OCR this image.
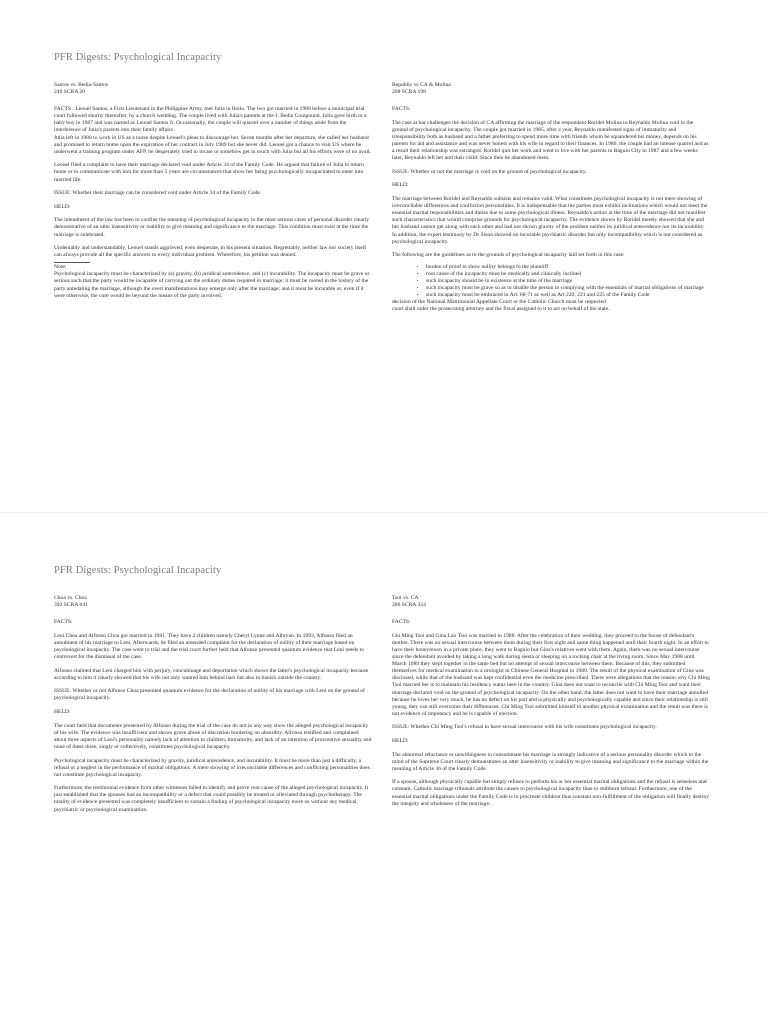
PFR Digests: Psychological Incapacity

Santos vs. Bedia-Santos
240 SCRA 20

FACTS : Leouel Santos, a First Lieutenant in the Philippine Army, met Julia in Iloilo. The two got married in 1986 before a municipal trial court followed shortly thereafter, by a church wedding. The couple lived with Julia's parents at the J. Bedia Compound. Julia gave birth to a baby boy in 1987 and was named as Leouel Santos Jr. Occasionally, the couple will quarrel over a number of things aside from the interference of Julia's parents into their family affairs .
Julia left in 1988 to work in US as a nurse despite Leouel's pleas to discourage her. Seven months after her departure, she called her husband and promised to return home upon the expiration of her contract in July 1989 but she never did. Leouel got a chance to visit US where he underwent a training program under AFP, he desperately tried to locate or somehow get in touch with Julia but all his efforts were of no avail.

Leouel filed a complaint to have their marriage declared void under Article 34 of the Family Code. He argued that failure of Julia to return home or to communicate with him for more than 5 years are circumstances that show her being psychologically incapacitated to enter into married life.

ISSUE: Whether their marriage can be considered void under Article 34 of the Family Code.

HELD:

The intendment of the law has been to confine the meaning of psychological incapacity to the most serious cases of personal disorder clearly demonstrative of an utter insensitivity or inability to give meaning and significance to the marriage. This condition must exist at the time the marriage is celebrated.

Undeniably and understandably, Leouel stands aggrieved, even desperate, in his present situation. Regrettably, neither law nor society itself can always provide all the specific answers to every individual problem. Wherefore, his petition was denied.

Note:

Psychological incapacity must be characterized by (a) gravity, (b) juridical antecedence, and (c) incurability. The incapacity must be grave or serious such that the party would be incapable of carrying out the ordinary duties required in marriage; it must be rooted in the history of the party antedating the marriage, although the overt manifestations may emerge only after the marriage; and it must be incurable or, even if it were otherwise, the cure would be beyond the means of the party involved.

Republic vs CA & Molina
268 SCRA 198

FACTS:

The case at bar challenges the decision of CA affirming the marriage of the respondent Roridel Molina to Reynaldo Molina void in the ground of psychological incapacity. The couple got married in 1985, after a year, Reynaldo manifested signs of immaturity and irresponsibility both as husband and a father preferring to spend more time with friends whom he squandered his money, depends on his parents for aid and assistance and was never honest with his wife in regard to their finances. In 1986, the couple had an intense quarrel and as a result their relationship was estranged. Roridel quit her work and went to live with her parents in Baguio City in 1987 and a few weeks later, Reynaldo left her and their child. Since then he abandoned them.

ISSUE: Whether or not the marriage is void on the ground of psychological incapacity.

HELD:

The marriage between Roridel and Reynaldo subsists and remains valid. What constitutes psychological incapacity is not mere showing of irreconcilable differences and confliction personalities. It is indispensable that the parties must exhibit inclinations which would not meet the essential marital responsibilities and duties due to some psychological illness. Reynaldo's action at the time of the marriage did not manifest such characteristics that would comprise grounds for psychological incapacity. The evidence shown by Roridel merely showed that she and her husband cannot get along with each other and had not shown gravity of the problem neither its juridical antecedence nor its incurability. In addition, the expert testimony by Dr Sison showed no incurable psychiatric disorder but only incompatibility which is not considered as psychological incapacity.

The following are the guidelines as to the grounds of psychological incapacity laid set forth in this case:

• burden of proof to show nullity belongs to the plaintiff
• root cause of the incapacity must be medically and clinically inclined
• such incapacity should be in existence at the time of the marriage
• such incapacity must be grave so as to disable the person in complying with the essentials of marital obligations of marriage
• such incapacity must be embraced in Art. 68-71 as well as Art 220, 221 and 225 of the Family Code

decision of the National Matrimonial Appellate Court or the Catholic Church must be respected
court shall order the prosecuting attorney and the fiscal assigned to it to act on behalf of the state.

PFR Digests: Psychological Incapacity

Choa vs. Choa
392 SCRA 641

FACTS:

Leni Choa and Alfonso Choa got married in 1981. They have 2 children namely Cheryl Lynne and Albryan. In 1993, Alfonso filed an annulment of his marriage to Leni. Afterwards, he filed an amended complaint for the declaration of nullity of their marriage based on psychological incapacity. The case went to trial and the trial court further held that Alfonso presented quantum evidence that Leni needs to controvert for the dismissal of the case.

Alfonso claimed that Leni charged him with perjury, concubinage and deportation which shows the latter's psychological incapacity because according to him it clearly showed that his wife not only wanted him behind bars but also to banish outside the country.

ISSUE: Whether or not Alfonso Choa presented quantum evidence for the declaration of nullity of his marriage with Leni on the ground of psychological incapacity.

HELD:

The court held that documents presented by Alfonso during the trial of the case do not in any way show the alleged psychological incapacity of his wife. The evidence was insufficient and shows grave abuse of discretion bordering on absurdity. Alfonso testified and complained about three aspects of Leni's personality namely lack of attention to children, immaturity, and lack of an intention of procreative sexuality and none of these three, singly or collectively, constitutes psychological incapacity.

Psychological incapacity must be characterized by gravity, juridical antecedence, and incurability. It must be more than just a difficulty, a refusal or a neglect in the performance of marital obligations. A mere showing of irreconcilable differences and conflicting personalities does not constitute psychological incapacity.

Furthermore, the testimonial evidence from other witnesses failed to identify and prove root cause of the alleged psychological incapacity. It just established that the spouses had an incompatibility or a defect that could possibly be treated or alleviated through psychotherapy. The totality of evidence presented was completely insufficient to sustain a finding of psychological incapacity more so without any medical, psychiatric or psychological examination.

Tsoi vs. CA
266 SCRA 324

FACTS:

Chi Ming Tsoi and Gina Lao Tsoi was married in 1988. After the celebration of their wedding, they proceed to the house of defendant's mother. There was no sexual intercourse between them during their first night and same thing happened until their fourth night. In an effort to have their honeymoon in a private place, they went to Baguio but Gina's relatives went with them. Again, there was no sexual intercourse since the defendant avoided by taking a long walk during siesta or sleeping on a rocking chair at the living room. Since May 1988 until March 1989 they slept together in the same bed but no attempt of sexual intercourse between them. Because of this, they submitted themselves for medical examination to a urologist in Chinese General Hospital in 1989. The result of the physical examination of Gina was disclosed, while that of the husband was kept confidential even the medicine prescribed. There were allegations that the reason why Chi Ming Tsoi married her is to maintain his residency status here in the country. Gina does not want to reconcile with Chi Ming Tsoi and want their marriage declared void on the ground of psychological incapacity. On the other hand, the latter does not want to have their marriage annulled because he loves her very much, he has no defect on his part and is physically and psychologically capable and since their relationship is still young, they can still overcome their differences. Chi Ming Tsoi submitted himself to another physical examination and the result was there is not evidence of impotency and he is capable of erection.

ISSUE: Whether Chi Ming Tsoi's refusal to have sexual intercourse with his wife constitutes psychological incapacity.

HELD:

The abnormal reluctance or unwillingness to consummate his marriage is strongly indicative of a serious personality disorder which to the mind of the Supreme Court clearly demonstrates an utter insensitivity or inability to give meaning and significance to the marriage within the meaning of Article 36 of the Family Code.

If a spouse, although physically capable but simply refuses to perform his or her essential marital obligations and the refusal is senseless and constant, Catholic marriage tribunals attribute the causes to psychological incapacity than to stubborn refusal. Furthermore, one of the essential marital obligations under the Family Code is to procreate children thus constant non-fulfillment of the obligation will finally destroy the integrity and wholeness of the marriage.
